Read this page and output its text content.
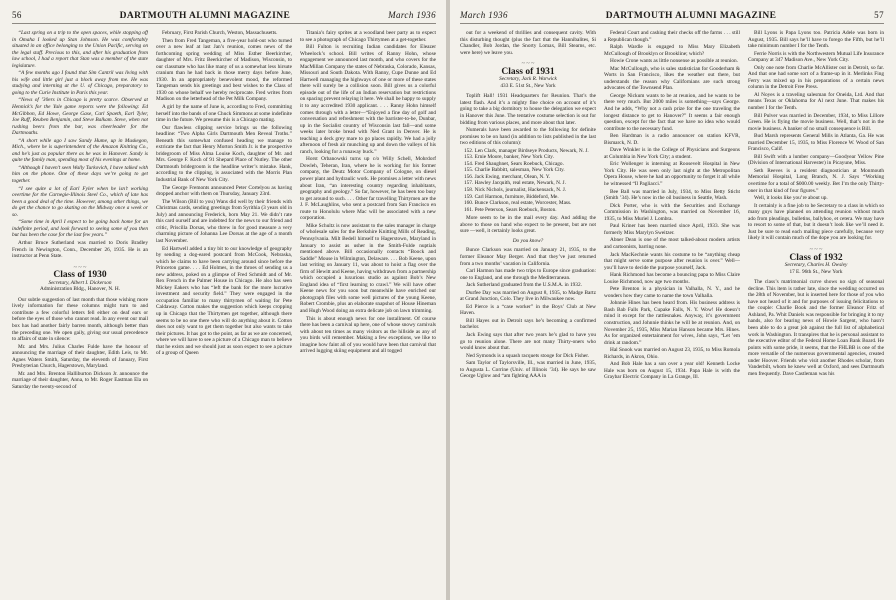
56	DARTMOUTH ALUMNI MAGAZINE	March 1936

“Last spring on a trip to the open spaces, while stopping off in Omaha I looked up Stan Johnson. He was comfortably situated in an office belonging to the Union Pacific, serving on the legal staff. Precious to this, and after his graduation from law school, I had a report that Stan was a member of the state legislature.

“A few months ago I found that Sim Cantril was living with his wife and little girl just a block away from me. He was studying and interning at the U. of Chicago, preparatory to going to the Curie Institute in Paris this year.

“News of ’30ers in Chicago is pretty scarce. Observed at Hennick’s for the Yale game reports were the following: Ed McGibbon, Ed Howe, George Gase, Carl Spaeth, Earl Tyler, Joe Ruff, Reuben Benjamin, and Steve Balkam. Steve, when not rushing beers from the bar, was cheerleader for the Dartmouths.

“A short while ago I saw Sandy Hume, up in Muskegon, Mich., where he is superintendent of the Amazon Knitting Co., and he’s just as popular there as he was in Hanover. Sandy is quite the family man, spending most of his evenings at home.

“Although I haven’t seen Wally Turkovich, I have talked with him on the phone. One of these days we’re going to get together.

“I see quite a lot of Earl Fyler when he isn’t working overtime for the Carnegie-Illinois Steel Co., which of late has been a good deal of the time. However, among other things, we do get the chance to go skating on the Midway once a week or so.

“Some time in April I expect to be going back home for an indefinite period, and look forward to seeing some of you then but has been the case for the last few years.”

Arthur Bruce Sutherland was married to Doris Bradley French in Newington, Conn., December 26, 1935. He is an instructor at Penn State.

~ ~ ~
Class of 1930
Secretary, Albert I. Dickerson
Administration Bldg., Hanover, N. H.

Our subtle suggestion of last month that those wishing more lively information for these columns might turn to and contribute a few colorful letters fell either on deaf ears or before the eyes of those who cannot read. In any event our mail box has had another fairly barren month, although better than the preceding one. We open gaily, giving our usual precedence to affairs of state in silence:

Mr. and Mrs. Julius Charles Fulde have the honour of announcing the marriage of their daughter, Edith Leis, to Mr. Agnes Waters Smith, Saturday, the eleventh of January, First Presbyterian Church, Hagerstown, Maryland.

Mr. and Mrs. Brenton Halliburton Dickson Jr. announce the marriage of their daughter, Anna, to Mr. Roger Eastman Ela on Saturday the twenty-second of

February, First Parish Church, Weston, Massachusetts.

Then from Fred Tangeman, a five-year hold-out who turned over a new leaf at last Jan’s reunion, comes news of the forthcoming spring wedding of Miss Esther Beerkircher, daughter of Mrs. Fritz Beerkircher of Madison, Wisconsin, to our classmate who has like many of us a somewhat less hirsute cranium than he had back in those merry days before June, 1930. In an appropriately benevolent mood, the reformed Tangeman sends his greetings and best wishes to the Class of 1930 on whose behalf we hereby reciprocate. Fred writes from Madison on the letterhead of the Pet Milk Company.

A girl by the name of June is, according to Fred, committing herself into the bands of one Chuck Simmons at some indefinite time in the future. We presume this is a Chicago mating.

Our flawless clipping service brings us the following headline: “Two Alpha Girls Dartmouth Men Reveal Troths.” Beneath this somewhat confused heading we manage to extricate the fact that Henry Morton Smith Jr. is the prospective bridegroom of Miss Alma Louise Koch, daughter of Mr. and Mrs. George F. Koch of 91 Shepard Place of Nutley. The other Dartmouth bridegroom is the headline writer’s mistake. Hank, according to the clipping, is associated with the Morris Plan Industrial Bank of New York City.

The George Fremonts announced Peter Cortelyou as having dropped anchor with them on Thursday, January 23rd.

The Wilson (Bill to you) Wans did well by their friends with Christmas cards, sending greetings from Syrithia (3 years old in July) and announcing Frederick, born May 21. We didn’t rate this card ourself and are indebted for the news to our friend and critic, Priscilla Dorsas, who threw in for good measure a very charming picture of Johanna Lee Dorsas at the age of a month last November.

Ed Hartwell added a tiny bit to our knowledge of geography by sending a dog-eared postcard from McCook, Nebraska, which he claims to have been carrying around since before the Princeton game. . . . Ed Holmes, in the throes of sending us a new address, poked on a glimpse of Fred Schmidt and of Mr. Rex French in the Palmer House in Chicago. He also has seen Mickey Eakers who has “left the bank for the more lucrative investment and security field.” They were engaged in the occupation familiar to many thirtymen of waiting for Pete Caldaway. Cotton makes the suggestion which keeps cropping up in Chicago that the Thirtymen get together, although there seems to be no one there who will do anything about it. Cotton does not only want to get them together but also wants to take their pictures. It has got to the point, as far as we are concerned, where we will have to see a picture of a Chicago man to believe that he exists and we should just as soon expect to see a picture of a group of Queen

Titania’s fairy sprites at a woodland beer party as to expect to see a photograph of Chicago Thirtymen at a get-together.

Bill Fulton is recruiting Indian candidates for Eleazer Wheelock’s school. Bill writes of Ranny Hohn, whose engagement we announced last month, and who covers for the MacMillan Company the states of Nebraska, Colorado, Kansas, Missouri and South Dakota. With Ranny, Cupe Dunne and Ed Hartwell managing the highways of one or more of these states there will surely be a collision soon. Bill gives us a colorful episode out of the life of an Indian reservation but restrictions on spacing prevent relaying it here. We shall be happy to supply it to any accredited 1930 applicant. . . . Ranny Hohn himself comes through with a letter—“Enjoyed a fine day of golf and conversation and refreshment with the barrister-to-be, Dunbar, up in the Socialist country of Wisconsin last fall—and some weeks later broke bread with Ned Grant in Denver. He is teaching a deck grey mare to go places rapidly. We had a jolly afternoon of fresh air munching up and down the valleys of his ranch, looking for a runaway buck.”

Horst Orbanowski turns up c/o Willy Schell, Mohrdorf Dowleh, Teheran, Iran, where he is working for his former company, the Deutz Motor Company of Cologne, on diesel power plant and hydraulic work. He promises a letter with news about Iran, “an interesting country regarding inhabitants, geography and geology.” So far, however, he has been too busy to get around to such. . . . Other far travelling Thirtymen are the J. F. McLaughlins, who sent a postcard from San Francisco en route to Honolulu where Mac will be associated with a new corporation.

Mike Schultz is now assistant to the sales manager in charge of wholesale sales for the Berkshire Knitting Mills of Reading, Pennsylvania. Milt Bedell himself to Hagerstown, Maryland in January to assist as usher in the Smith-Fulde nuptials mentioned above. Bill occasionally contacts “Boock and Saddle” Mouse in Wilmington, Delaware. . . . Bob Keene, upon last writing on January 11, was about to hoist a flag over the firm of Hewitt and Keene, having withdrawn from a partnership which occupied a luxurious studio as against Bob’s New England idea of “first learning to crawl.” We will have other Keene news for you soon but meanwhile have enriched our photograph files with some well pictures of the young Keene, Robert Crombie, plus an elaborate snapshot of House Hineman and Hugh Wood doing an extra delicate job on lawn trimming.

This is about enough news for one installment. Of course there has been a carnival up here, one of whose snowy carnivals with about ten times as many visitors as the hillside as any of you birds will remember. Making a few exceptions, we like to imagine how faint all of you would have been that carnival that arrived lugging skiing equipment and all togged

March 1936	DARTMOUTH ALUMNI MAGAZINE	57

out for a weekend of thrillies and consequent cavity. With this disturbing thought (plus the fact that the Hannibalites, Si Chandler, Bob Jordan, the Snorty Lomax, Bill Stearns, etc. were here) we leave you.

~ ~ ~
Class of 1931
Secretary, Jack R. Warwick
433 E. 51st St., New York

Toplift Hall! 1931 Headquarters for Reunion. That’s the latest flash. And it’s a mighty fine choice on account of it’s going to take a big dormitory to house the delegation we expect in Hanover this June. The tentative costume selection is out for bidding from various places, and more about that later.

Numerals have been awarded to the following for definite promises to be on hand (in addition to lists published in the last two editions of this column):

152. Len Clark, manager Birdseye Products, Newark, N. J.
153. Ernie Moore, banker, New York City.
154. Fred Shaughnet, Sears Roebuck, Chicago.
155. Charlie Babbitt, salesman, New York City.
156. Jack Ewing, merchant, Olean, N. Y.
157. Hawley Jacquith, real estate, Newark, N. J.
158. Nick Nichols, journalist, Hackensack, N. J.
159. Carl Harmon, furniture, Biddeford, Me.
160. Bunce Clarkson, real estate, Worcester, Mass.
161. Pete Peterson, Sears Roebuck, Boston.

More seem to be in the mail every day. And adding the above to those on hand who expect to be present, but are not sure —well, it certainly looks great.

Do you know?

Bunce Clarkson was married on January 21, 1935, to the former Eleanor May Berger. And that they’ve just returned from a two months’ vacation in California.

Carl Harmon has made two trips to Europe since graduation: one to England, and one through the Mediterranean.

Jack Sutherland graduated from the U.S.M.A. in 1932.

Durfee Day was married on August 8, 1935, to Madge Bartz at Grand Junction, Colo. They live in Milwaukee now.

Ed Pierce is a “case worker” in the Boys’ Club at New Haven.

Bill Hayes out in Detroit says he’s becoming a confirmed bachelor.

Jack Ewing says that after two years he’s glad to have you go to reunion alone. There are not many Thirty-oners who would know about that.

Ned Symonds is a squash racquets stooge for Dick Fisher.

Sam Taylor of Taylorsville, Ill., was married in June, 1935, to Augusta L. Corrine (Univ. of Illinois ’34). He says he saw George Uglow and “am fighting AAA in

Federal Court and cashing their checks off the farms . . . still a Republican though.”

Ralph Wardle is engaged to Miss Mary Elizabeth McCullough of Brooklyn or Brookline; which?

Howie Crone wants as little nonsense as possible at reunion.

Mac McCullough, who is sales statistician for Gooderham & Worts in San Francisco, likes the weather out there, but understands the reason why Californians are such strong advocates of the Townsend Plan.

George Nickum wants to be at reunion, and he wants to be there very much. But 2000 miles is something—says George. And he adds, “Why not a cash prize for the one traveling the longest distance to get to Hanover?” It seems a fair enough question, except for the fact that we have no idea who would contribute to the necessary fund.

Ben Hardman is a radio announcer on station KFVR, Bismarck, N. D.

Dave Winkler is in the College of Physicians and Surgeons at Columbia in New York City; a student.

Eric Wollenger is interning at Roosevelt Hospital in New York City. He was seen only last night at the Metropolitan Opera House, where he had an opportunity to forget it all while he witnessed “Il Pagliacci.”

Bee Ball was married in July, 1934, to Miss Betty Sticht (Smith ’34). He’s now in the oil business in Seattle, Wash.

Dick Porter, who is with the Securities and Exchange Commission in Washington, was married on November 16, 1935, to Miss Muriel J. Lombra.

Paul Kriner has been married since April, 1933. She was formerly Miss Marylyn Sweitzer.

Abner Dean is one of the most talked-about modern artists and cartoonists, barring none.

Jack MacKechnie wants his costume to be “anything cheap that might serve some purpose after reunion is over.” Well—you’ll have to decide the purpose yourself, Jack.

Hank Richmond has become a bouncing papa to Miss Claire Louise Richmond, now age two months.

Pete Brenton is a physician in Valhalla, N. Y., and he wonders how they came to name the town Valhalla.

Johnnie Hines has been heard from. His business address is Bash Bab Falls Park, Cupake Falls, N. Y. Wow! He doesn’t mind it except for the rattlesnakes. Anyway, it’s government construction, and Johnnie thinks he will be at reunion. And, on November 25, 1935, Miss Marian Hanson became Mrs. Hines. As for organized entertainment for wives, John says, “Let ’em drink at random.”

Hal Snook was married on August 23, 1935, to Miss Romola Richards, in Akron, Ohio.

And Bob Hale has a son over a year old! Kenneth Locke Hale was born on August 15, 1934. Papa Hale is with the Graybar Electric Company in La Grange, Ill.

Bill Lyons is Papa Lyons too. Patricia Adele was born in August, 1935. Bill says he’ll have to forego the Fifth, but he’ll take minimum number I for the Tenth.

Ferrie Norris is with the Northwestern Mutual Life Insurance Company at 347 Madison Ave., New York City.

Only one note from Charlie McAllister out in Detroit, so far. And that one had some sort of a frame-up in it. Merlinks Fing Ferry was mixed up in his preparations of a certain news column in the Detroit Free Press.

Al Noyes is a traveling salesman for Oneida, Ltd. And that means Texas or Oklahoma for Al next June. That makes his number I for the Tenth.

Bill Pulver was married in December, 1934, to Miss Lillore Green. He is flying the movie business. Well, that’s not in the movie business. A banker of no small consequence is Bill.

Bud Marsh represents General Mills in Atlanta, Ga. He was married December 15, 1935, to Miss Florence W. Wood of San Francisco, Calif.

Bill Swift with a lumber company—Goodyear Yellow Pine (Division of International Harvester) in Picayune, Miss.

Seth Reeves is a resident diagnostician at Monmouth Memorial Hospital, Long Branch, N. J. Says “Working overtime for a total of $000.00 weekly. Bet I’m the only Thirty-oner in that kind of four figures.”

Well, it looks like you’re about up.

It certainly is a fine job to be Secretary to a class in which so many guys have planned on attending reunion without much ado from pleadings, bulletins, ballyhoo, et cetera. We may have to resort to some of that, but it doesn’t look like we’ll need it. Just be sure to read each mailing piece carefully, because very likely it will contain much of the dope you are looking for.

~ ~ ~
Class of 1932
Secretary, Charles H. Owsley
17 E. 96th St., New York

The class’s matrimonial curve shows no sign of seasonal decline. This item is rather late, since the wedding occurred on the 28th of November, but is inserted here for those of you who have not heard of it and for purposes of issuing felicitations to the couple: Charlie Book and the former Eleanor Fritz of Ashland, Pa. Whit Daniels was responsible for bringing it to my hands, also for bearing news of Howie Sargent, who hasn’t been able to do a great job against the full list of alphabetical work in Washington. It transpires that he is personal assistant to the executive editor of the Federal Home Loan Bank Board. He points with some pride, it seems, that the FHLBB is one of the more versatile of the numerous governmental agencies, created under Hoover. Friends who visit another Rhodes scholar, from Vanderbilt, whom he knew well at Oxford, and sees Dartmouth men frequently. Dave Castleman was his
